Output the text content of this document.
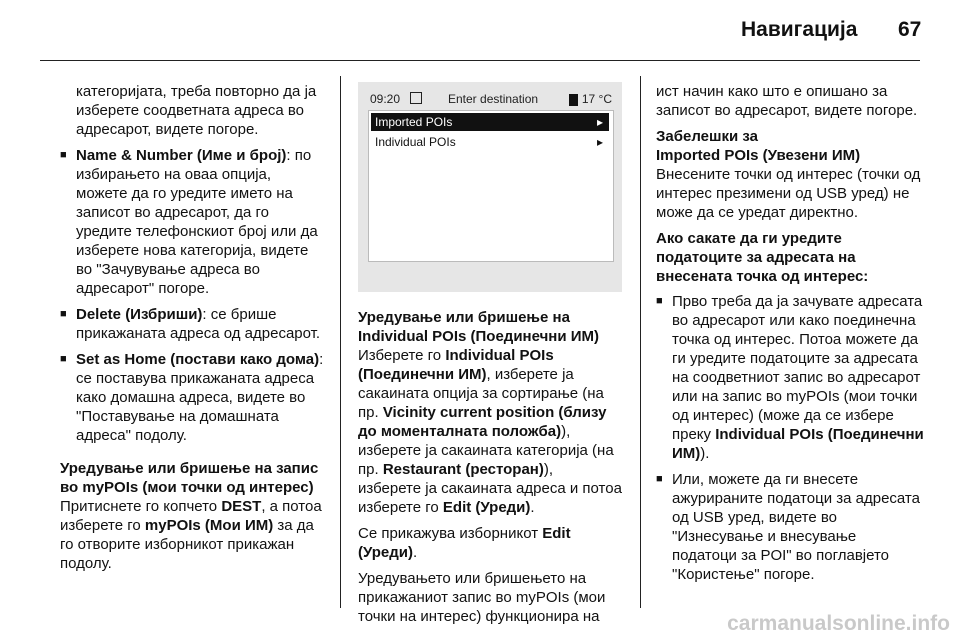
Навигација 67

категоријата, треба повторно да ја изберете соодветната адреса во адресарот, видете погоре.

■ Name & Number (Име и број): по избирањето на оваа опција, можете да го уредите името на записот во адресарот, да го уредите телефонскиот број или да изберете нова категорија, видете во "Зачувување адреса во адресарот" погоре.

■ Delete (Избриши): се брише прикажаната адреса од адресарот.

■ Set as Home (постави како дома): се поставува прикажаната адреса како домашна адреса, видете во "Поставување на домашната адреса" подолу.

Уредување или бришење на запис во myPOIs (мои точки од интерес)

Притиснете го копчето DEST, а потоа изберете го myPOIs (Мои ИМ) за да го отворите изборникот прикажан подолу.

09:20	Enter destination	17 °C
Imported POIs	▸
Individual POIs	▸

Уредување или бришење на Individual POIs (Поединечни ИМ)

Изберете го Individual POIs (Поединечни ИМ), изберете ја сакаината опција за сортирање (на пр. Vicinity current position (близу до моменталната положба)),
изберете ја сакаината категорија (на пр. Restaurant (ресторан)),
изберете ја сакаината адреса и потоа изберете го Edit (Уреди).

Се прикажува изборникот Edit (Уреди).

Уредувањето или бришењето на прикажаниот запис во myPOIs (мои точки на интерес) функционира на

ист начин како што е опишано за записот во адресарот, видете погоре.

Забелешки за
Imported POIs (Увезени ИМ)

Внесените точки од интерес (точки од интерес презимени од USB уред) не може да се уредат директно.

Ако сакате да ги уредите податоците за адресата на внесената точка од интерес:

■ Прво треба да ја зачувате адресата во адресарот или како поединечна точка од интерес. Потоа можете да ги уредите податоците за адресата на соодветниот запис во адресарот или на запис во myPOIs (мои точки од интерес) (може да се избере преку Individual POIs (Поединечни ИМ)).

■ Или, можете да ги внесете ажурираните податоци за адресата од USB уред, видете во "Изнесување и внесување податоци за POI" во поглавјето "Користење" погоре.

carmanualsonline.info
